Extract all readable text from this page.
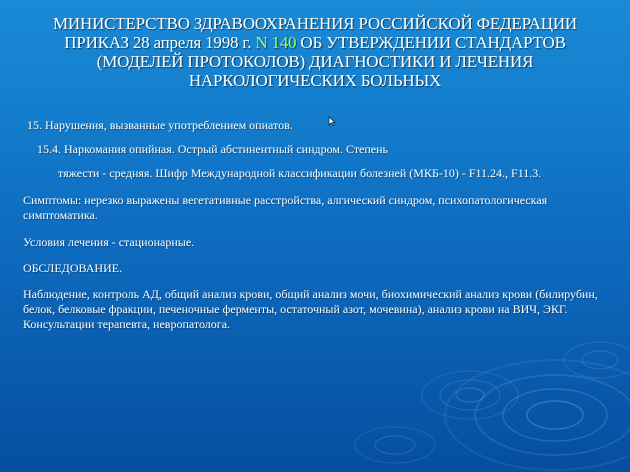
МИНИСТЕРСТВО ЗДРАВООХРАНЕНИЯ РОССИЙСКОЙ ФЕДЕРАЦИИ ПРИКАЗ 28 апреля 1998 г. N 140 ОБ УТВЕРЖДЕНИИ СТАНДАРТОВ (МОДЕЛЕЙ ПРОТОКОЛОВ) ДИАГНОСТИКИ И ЛЕЧЕНИЯ НАРКОЛОГИЧЕСКИХ БОЛЬНЫХ

15. Нарушения, вызванные употреблением опиатов.

15.4. Наркомания опийная. Острый абстинентный синдром. Степень

тяжести - средняя. Шифр Международной классификации болезней (МКБ-10) - F11.24., F11.3.

Симптомы: нерезко выражены вегетативные расстройства, алгический синдром, психопатологическая симптоматика.

Условия лечения - стационарные.

ОБСЛЕДОВАНИЕ.

Наблюдение, контроль АД, общий анализ крови, общий анализ мочи, биохимический анализ крови (билирубин, белок, белковые фракции, печеночные ферменты, остаточный азот, мочевина), анализ крови на ВИЧ, ЭКГ. Консультации терапевта, невропатолога.
